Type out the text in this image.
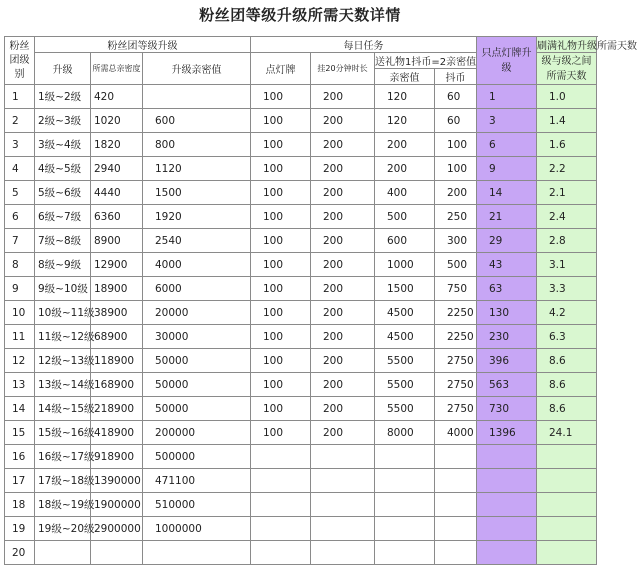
粉丝团等级升级所需天数详情
粉丝团级别	粉丝团等级升级			每日任务				只点灯牌升级	刷满礼物升级所需天数	
	升级	所需总亲密度	升级亲密值	点灯牌	挂20分钟时长	送礼物1抖币=2亲密值			级与级之间所需天数	
						亲密值	抖币			
1	1级~2级	420		100	200	120	60	1	1.0	
2	2级~3级	1020	600	100	200	120	60	3	1.4	
3	3级~4级	1820	800	100	200	200	100	6	1.6	
4	4级~5级	2940	1120	100	200	200	100	9	2.2	
5	5级~6级	4440	1500	100	200	400	200	14	2.1	
6	6级~7级	6360	1920	100	200	500	250	21	2.4	
7	7级~8级	8900	2540	100	200	600	300	29	2.8	
8	8级~9级	12900	4000	100	200	1000	500	43	3.1	
9	9级~10级	18900	6000	100	200	1500	750	63	3.3	
10	10级~11级	38900	20000	100	200	4500	2250	130	4.2	
11	11级~12级	68900	30000	100	200	4500	2250	230	6.3	
12	12级~13级	118900	50000	100	200	5500	2750	396	8.6	
13	13级~14级	168900	50000	100	200	5500	2750	563	8.6	
14	14级~15级	218900	50000	100	200	5500	2750	730	8.6	
15	15级~16级	418900	200000	100	200	8000	4000	1396	24.1	
16	16级~17级	918900	500000							
17	17级~18级	1390000	471100							
18	18级~19级	1900000	510000							
19	19级~20级	2900000	1000000							
20										
